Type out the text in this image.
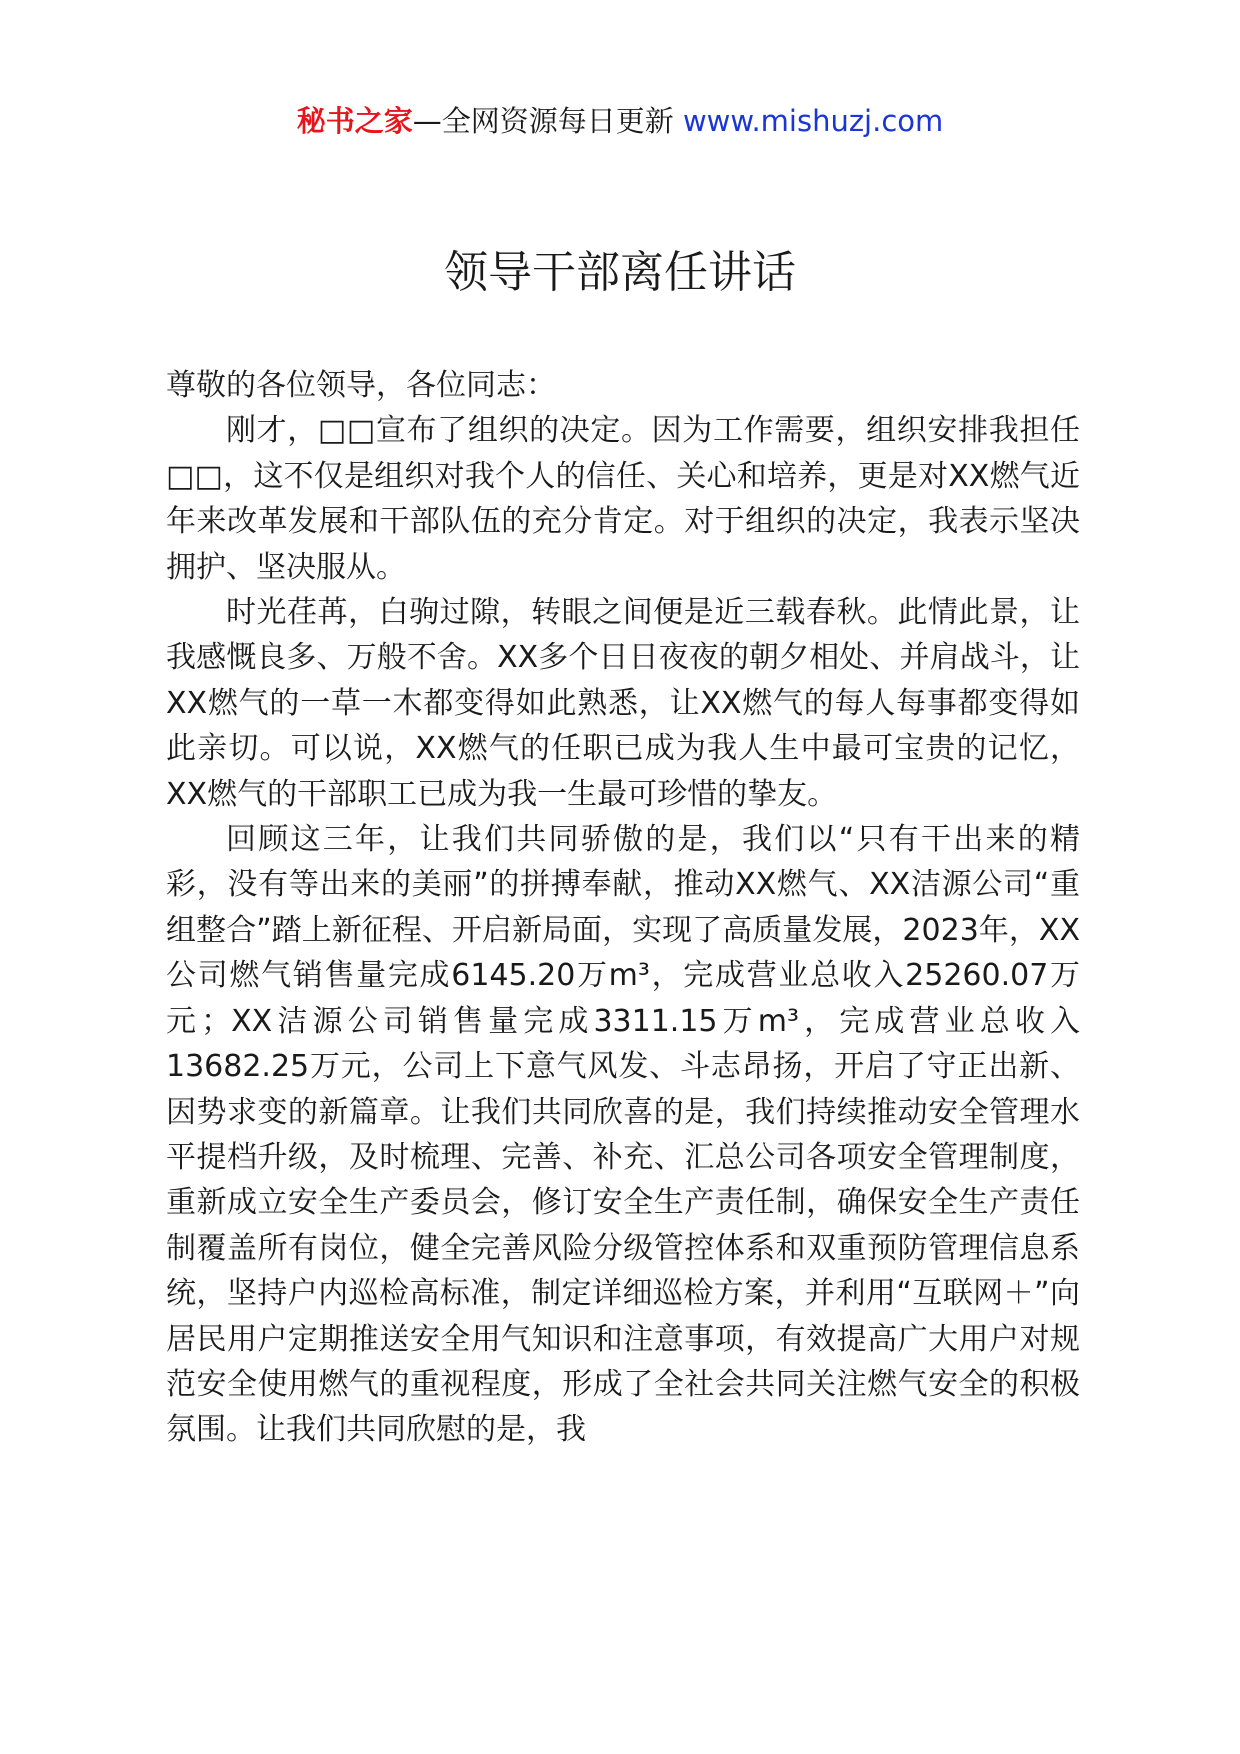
秘书之家—全网资源每日更新 www.mishuzj.com
领导干部离任讲话

尊敬的各位领导，各位同志：

刚才，□□宣布了组织的决定。因为工作需要，组织安排我担任□□，这不仅是组织对我个人的信任、关心和培养，更是对XX燃气近年来改革发展和干部队伍的充分肯定。对于组织的决定，我表示坚决拥护、坚决服从。

时光荏苒，白驹过隙，转眼之间便是近三载春秋。此情此景，让我感慨良多、万般不舍。XX多个日日夜夜的朝夕相处、并肩战斗，让XX燃气的一草一木都变得如此熟悉，让XX燃气的每人每事都变得如此亲切。可以说，XX燃气的任职已成为我人生中最可宝贵的记忆，XX燃气的干部职工已成为我一生最可珍惜的挚友。

回顾这三年，让我们共同骄傲的是，我们以“只有干出来的精彩，没有等出来的美丽”的拼搏奉献，推动XX燃气、XX洁源公司“重组整合”踏上新征程、开启新局面，实现了高质量发展，2023年，XX公司燃气销售量完成6145.20万m³，完成营业总收入25260.07万元；XX洁源公司销售量完成3311.15万m³，完成营业总收入13682.25万元，公司上下意气风发、斗志昂扬，开启了守正出新、因势求变的新篇章。让我们共同欣喜的是，我们持续推动安全管理水平提档升级，及时梳理、完善、补充、汇总公司各项安全管理制度，重新成立安全生产委员会，修订安全生产责任制，确保安全生产责任制覆盖所有岗位，健全完善风险分级管控体系和双重预防管理信息系统，坚持户内巡检高标准，制定详细巡检方案，并利用“互联网＋”向居民用户定期推送安全用气知识和注意事项，有效提高广大用户对规范安全使用燃气的重视程度，形成了全社会共同关注燃气安全的积极氛围。让我们共同欣慰的是，我
